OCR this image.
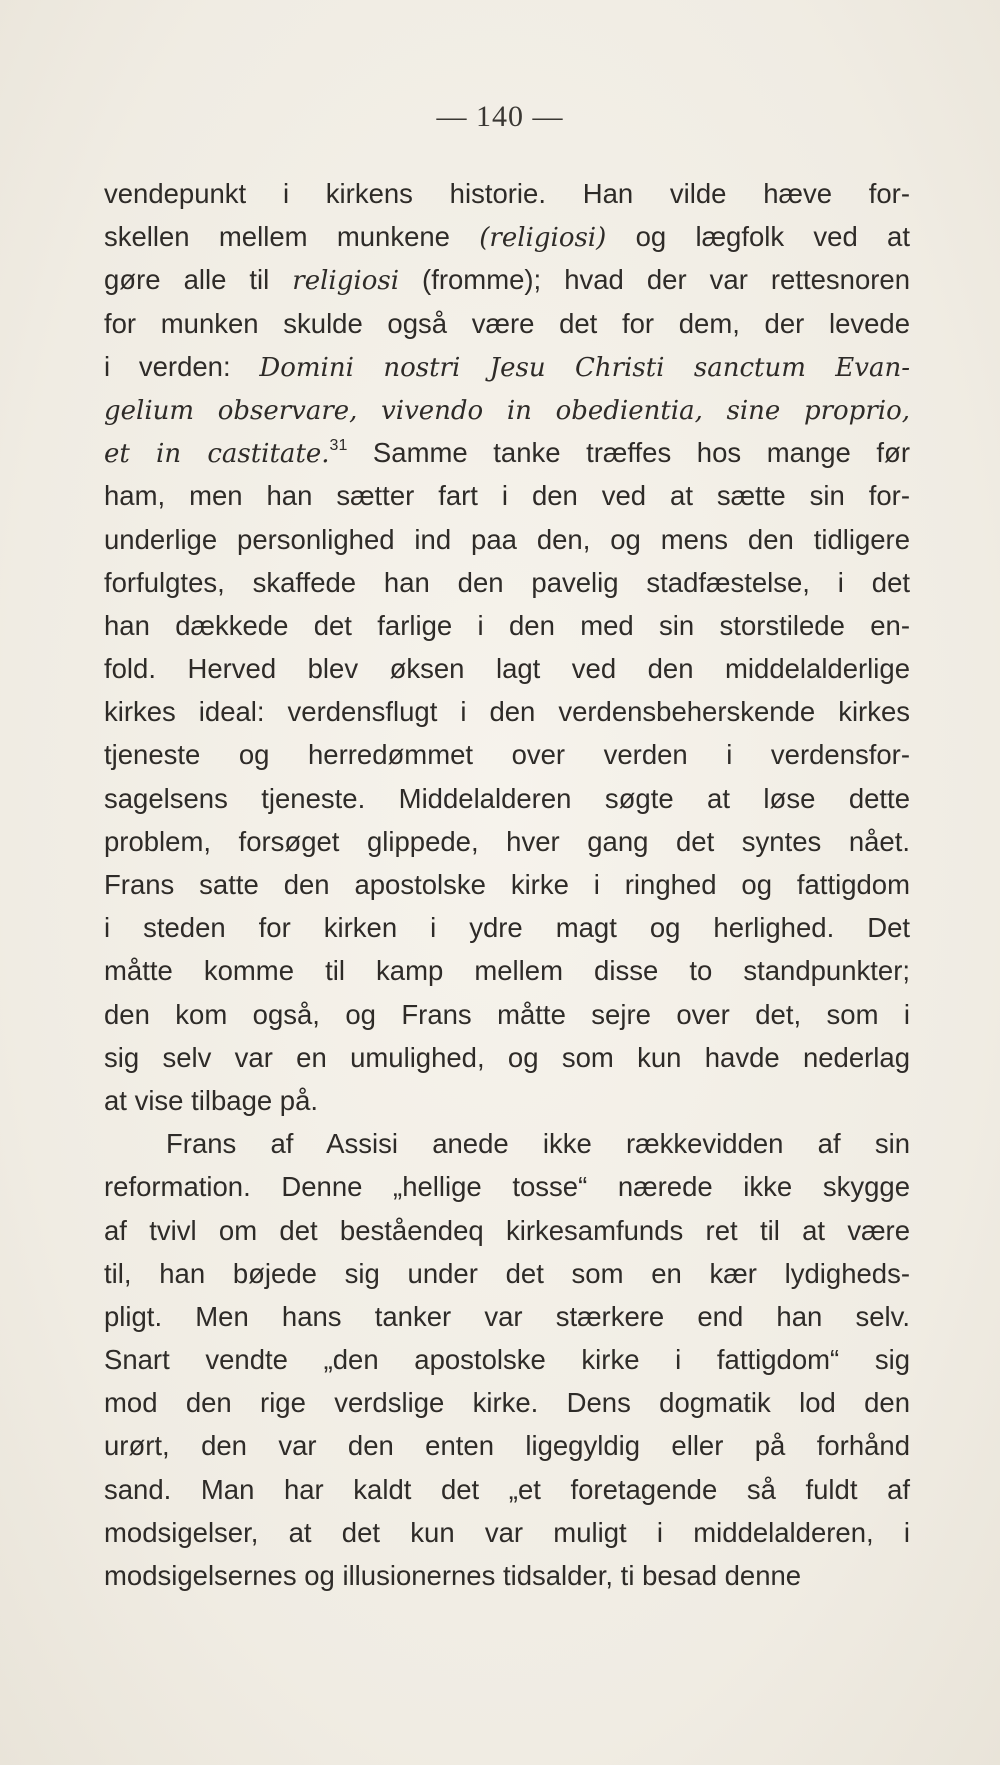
— 140 —
vendepunkt i kirkens historie. Han vilde hæve for-
skellen mellem munkene (religiosi) og lægfolk ved at
gøre alle til religiosi (fromme); hvad der var rettesnoren
for munken skulde også være det for dem, der levede
i verden: Domini nostri Jesu Christi sanctum Evan-
gelium observare, vivendo in obedientia, sine proprio,
et in castitate.$^{31}$ Samme tanke træffes hos mange før
ham, men han sætter fart i den ved at sætte sin for-
underlige personlighed ind paa den, og mens den tidligere
forfulgtes, skaffede han den pavelig stadfæstelse, i det
han dækkede det farlige i den med sin storstilede en-
fold. Herved blev øksen lagt ved den middelalderlige
kirkes ideal: verdensflugt i den verdensbeherskende kirkes
tjeneste og herredømmet over verden i verdensfor-
sagelsens tjeneste. Middelalderen søgte at løse dette
problem, forsøget glippede, hver gang det syntes nået.
Frans satte den apostolske kirke i ringhed og fattigdom
i steden for kirken i ydre magt og herlighed. Det
måtte komme til kamp mellem disse to standpunkter;
den kom også, og Frans måtte sejre over det, som i
sig selv var en umulighed, og som kun havde nederlag
at vise tilbage på.
Frans af Assisi anede ikke rækkevidden af sin
reformation. Denne „hellige tosse“ nærede ikke skygge
af tvivl om det beståendeq kirkesamfunds ret til at være
til, han bøjede sig under det som en kær lydigheds-
pligt. Men hans tanker var stærkere end han selv.
Snart vendte „den apostolske kirke i fattigdom“ sig
mod den rige verdslige kirke. Dens dogmatik lod den
urørt, den var den enten ligegyldig eller på forhånd
sand. Man har kaldt det „et foretagende så fuldt af
modsigelser, at det kun var muligt i middelalderen, i
modsigelsernes og illusionernes tidsalder, ti besad denne
